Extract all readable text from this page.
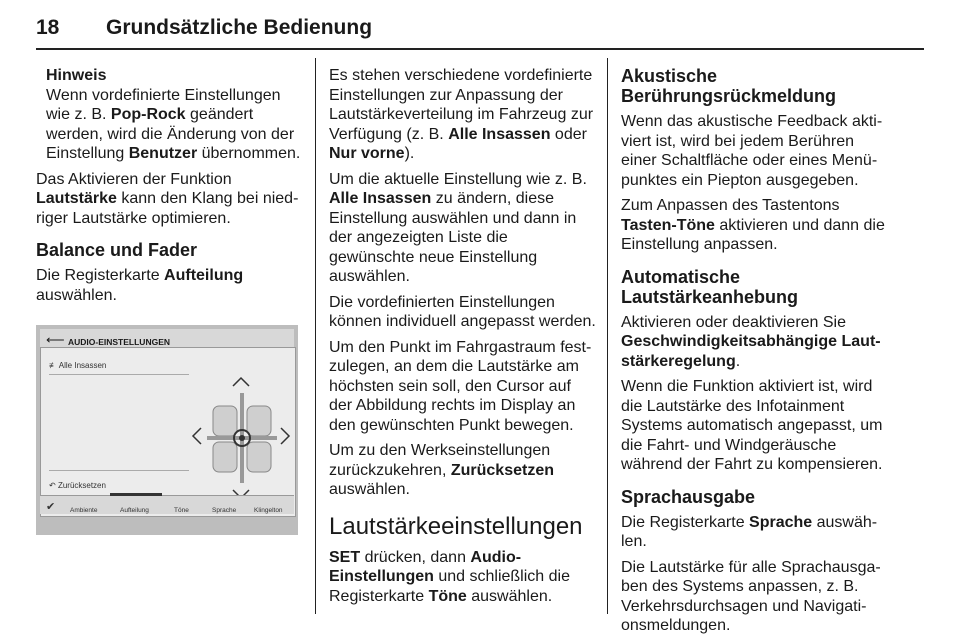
18 Grundsätzliche Bedienung
Hinweis
Wenn vordefinierte Einstellungen wie z. B. Pop-Rock geändert werden, wird die Änderung von der Einstellung Benutzer übernommen.

Das Aktivieren der Funktion Lautstärke kann den Klang bei niedriger Lautstärke optimieren.

Balance und Fader

Die Registerkarte Aufteilung auswählen.

⟵ AUDIO-EINSTELLUNGEN
≢ Alle Insassen
↶ Zurücksetzen
✔ Ambiente	Aufteilung	Töne	Sprache	Klingelton

Es stehen verschiedene vordefinierte Einstellungen zur Anpassung der Lautstärkeverteilung im Fahrzeug zur Verfügung (z. B. Alle Insassen oder Nur vorne).

Um die aktuelle Einstellung wie z. B. Alle Insassen zu ändern, diese Einstellung auswählen und dann in der angezeigten Liste die gewünschte neue Einstellung auswählen.

Die vordefinierten Einstellungen können individuell angepasst werden.

Um den Punkt im Fahrgastraum festzulegen, an dem die Lautstärke am höchsten sein soll, den Cursor auf der Abbildung rechts im Display an den gewünschten Punkt bewegen.

Um zu den Werkseinstellungen zurückzukehren, Zurücksetzen auswählen.

Lautstärkeeinstellungen

SET drücken, dann Audio-Einstellungen und schließlich die Registerkarte Töne auswählen.

Akustische Berührungsrückmeldung

Wenn das akustische Feedback aktiviert ist, wird bei jedem Berühren einer Schaltfläche oder eines Menüpunktes ein Piepton ausgegeben.

Zum Anpassen des Tastentons Tasten-Töne aktivieren und dann die Einstellung anpassen.

Automatische Lautstärkeanhebung

Aktivieren oder deaktivieren Sie Geschwindigkeitsabhängige Lautstärkeregelung.

Wenn die Funktion aktiviert ist, wird die Lautstärke des Infotainment Systems automatisch angepasst, um die Fahrt- und Windgeräusche während der Fahrt zu kompensieren.

Sprachausgabe

Die Registerkarte Sprache auswählen.

Die Lautstärke für alle Sprachausgaben des Systems anpassen, z. B. Verkehrsdurchsagen und Navigationsmeldungen.
